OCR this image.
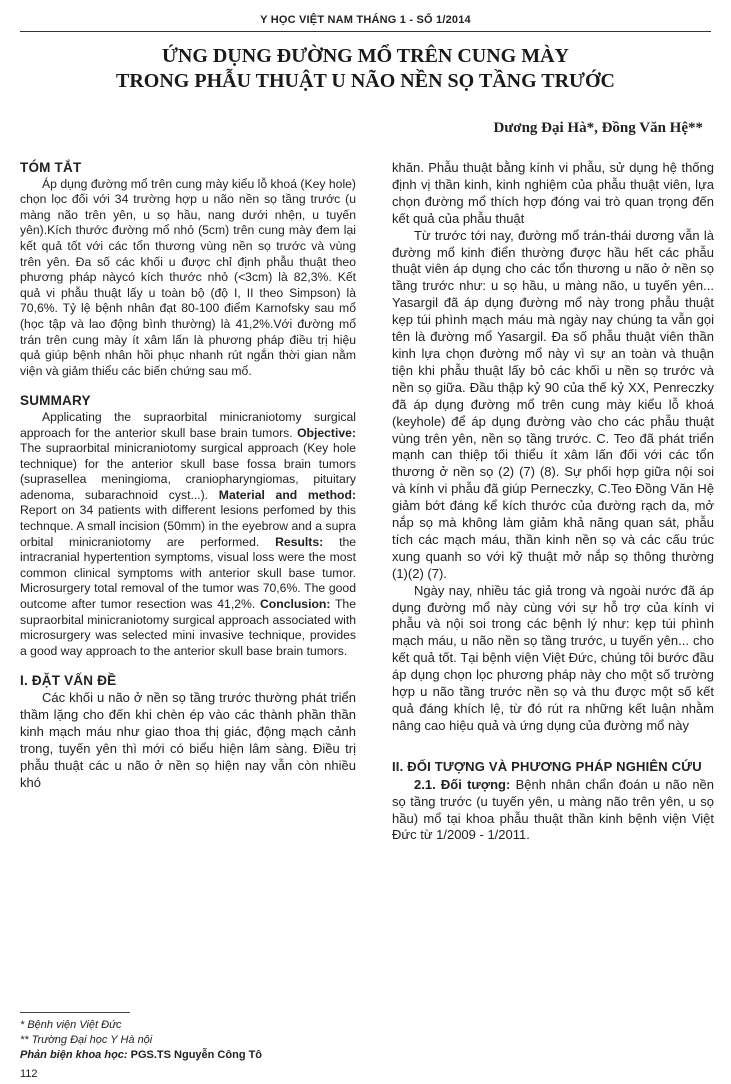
Y HỌC VIỆT NAM THÁNG 1 - SỐ 1/2014
ỨNG DỤNG ĐƯỜNG MỔ TRÊN CUNG MÀY
TRONG PHẪU THUẬT U NÃO NỀN SỌ TẦNG TRƯỚC
Dương Đại Hà*, Đồng Văn Hệ**
TÓM TẮT

Áp dụng đường mổ trên cung mày kiểu lỗ khoá (Key hole) chọn lọc đối với 34 trường hợp u não nền sọ tầng trước (u màng não trên yên, u sọ hầu, nang dưới nhện, u tuyến yên).Kích thước đường mổ nhỏ (5cm) trên cung mày đem lại kết quả tốt với các tổn thương vùng nền sọ trước và vùng trên yên. Đa số các khối u được chỉ định phẫu thuật theo phương pháp nàycó kích thước nhỏ (<3cm) là 82,3%. Kết quả vi phẫu thuật lấy u toàn bộ (độ I, II theo Simpson) là 70,6%. Tỷ lệ bệnh nhân đạt 80-100 điểm Karnofsky sau mổ (học tập và lao động bình thường) là 41,2%.Với đường mổ trán trên cung mày ít xâm lấn là phương pháp điều trị hiệu quả giúp bệnh nhân hồi phục nhanh rút ngắn thời gian nằm viện và giảm thiểu các biến chứng sau mổ.

SUMMARY

Applicating the supraorbital minicraniotomy surgical approach for the anterior skull base brain tumors. Objective: The supraorbital minicraniotomy surgical approach (Key hole technique) for the anterior skull base fossa brain tumors (suprasellea meningioma, craniopharyngiomas, pituitary adenoma, subarachnoid cyst...). Material and method: Report on 34 patients with different lesions perfomed by this technque. A small incision (50mm) in the eyebrow and a supra orbital minicraniotomy are performed. Results: the intracranial hypertention symptoms, visual loss were the most common clinical symptoms with anterior skull base tumor. Microsurgery total removal of the tumor was 70,6%. The good outcome after tumor resection was 41,2%. Conclusion: The supraorbital minicraniotomy surgical approach associated with microsurgery was selected mini invasive technique, provides a good way approach to the anterior skull base brain tumors.

I. ĐẶT VẤN ĐỀ

Các khối u não ở nền sọ tầng trước thường phát triển thầm lặng cho đến khi chèn ép vào các thành phần thần kinh mạch máu như giao thoa thị giác, động mạch cảnh trong, tuyến yên thì mới có biểu hiện lâm sàng. Điều trị phẫu thuật các u não ở nền sọ hiện nay vẫn còn nhiều khó

khăn. Phẫu thuật bằng kính vi phẫu, sử dụng hệ thống định vị thần kinh, kinh nghiệm của phẫu thuật viên, lựa chọn đường mổ thích hợp đóng vai trò quan trọng đến kết quả của phẫu thuật

Từ trước tới nay, đường mổ trán-thái dương vẫn là đường mổ kinh điển thường được hầu hết các phẫu thuật viên áp dụng cho các tổn thương u não ở nền sọ tầng trước như: u sọ hầu, u màng não, u tuyến yên... Yasargil đã áp dụng đường mổ này trong phẫu thuật kẹp túi phình mạch máu mà ngày nay chúng ta vẫn gọi tên là đường mổ Yasargil. Đa số phẫu thuật viên thần kinh lựa chọn đường mổ này vì sự an toàn và thuận tiện khi phẫu thuật lấy bỏ các khối u nền sọ trước và nền sọ giữa. Đầu thập kỷ 90 của thế kỷ XX, Penreczky đã áp dụng đường mổ trên cung mày kiểu lỗ khoá (keyhole) để áp dụng đường vào cho các phẫu thuật vùng trên yên, nền sọ tầng trước. C. Teo đã phát triển mạnh can thiệp tối thiểu ít xâm lấn đối với các tổn thương ở nền sọ (2) (7) (8). Sự phối hợp giữa nội soi và kính vi phẫu đã giúp Perneczky, C.Teo Đồng Văn Hệ giảm bớt đáng kể kích thước của đường rạch da, mở nắp sọ mà không làm giảm khả năng quan sát, phẫu tích các mạch máu, thần kinh nền sọ và các cấu trúc xung quanh so với kỹ thuật mở nắp sọ thông thường (1)(2) (7).

Ngày nay, nhiều tác giả trong và ngoài nước đã áp dụng đường mổ này cùng với sự hỗ trợ của kính vi phẫu và nội soi trong các bệnh lý như: kẹp túi phình mạch máu, u não nền sọ tầng trước, u tuyến yên... cho kết quả tốt. Tại bệnh viện Việt Đức, chúng tôi bước đầu áp dụng chọn lọc phương pháp này cho một số trường hợp u não tầng trước nền sọ và thu được một số kết quả đáng khích lệ, từ đó rút ra những kết luận nhằm nâng cao hiệu quả và ứng dụng của đường mổ này

II. ĐỐI TƯỢNG VÀ PHƯƠNG PHÁP NGHIÊN CỨU

2.1. Đối tượng: Bệnh nhân chẩn đoán u não nền sọ tầng trước (u tuyến yên, u màng não trên yên, u sọ hầu) mổ tại khoa phẫu thuật thần kinh bệnh viện Việt Đức từ 1/2009 - 1/2011.

* Bệnh viện Việt Đức
** Trường Đại học Y Hà nội
Phản biện khoa học: PGS.TS Nguyễn Công Tô
112
